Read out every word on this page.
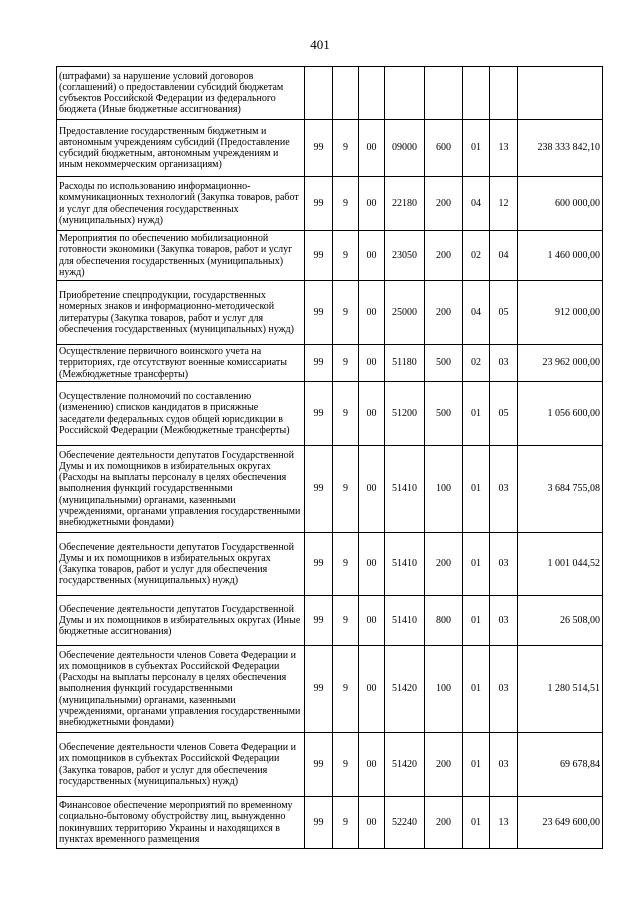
401
(штрафами) за нарушение условий договоров (соглашений) о предоставлении субсидий бюджетам субъектов Российской Федерации из федерального бюджета (Иные бюджетные ассигнования)								
Предоставление государственным бюджетным и автономным учреждениям субсидий (Предоставление субсидий бюджетным, автономным учреждениям и иным некоммерческим организациям)	99	9	00	09000	600	01	13	238 333 842,10
Расходы по использованию информационно-коммуникационных технологий (Закупка товаров, работ и услуг для обеспечения государственных (муниципальных) нужд)	99	9	00	22180	200	04	12	600 000,00
Мероприятия по обеспечению мобилизационной готовности экономики (Закупка товаров, работ и услуг для обеспечения государственных (муниципальных) нужд)	99	9	00	23050	200	02	04	1 460 000,00
Приобретение спецпродукции, государственных номерных знаков и информационно-методической литературы (Закупка товаров, работ и услуг для обеспечения государственных (муниципальных) нужд)	99	9	00	25000	200	04	05	912 000,00
Осуществление первичного воинского учета на территориях, где отсутствуют военные комиссариаты (Межбюджетные трансферты)	99	9	00	51180	500	02	03	23 962 000,00
Осуществление полномочий по составлению (изменению) списков кандидатов в присяжные заседатели федеральных судов общей юрисдикции в Российской Федерации (Межбюджетные трансферты)	99	9	00	51200	500	01	05	1 056 600,00
Обеспечение деятельности депутатов Государственной Думы и их помощников в избирательных округах (Расходы на выплаты персоналу в целях обеспечения выполнения функций государственными (муниципальными) органами, казенными учреждениями, органами управления государственными внебюджетными фондами)	99	9	00	51410	100	01	03	3 684 755,08
Обеспечение деятельности депутатов Государственной Думы и их помощников в избирательных округах (Закупка товаров, работ и услуг для обеспечения государственных (муниципальных) нужд)	99	9	00	51410	200	01	03	1 001 044,52
Обеспечение деятельности депутатов Государственной Думы и их помощников в избирательных округах (Иные бюджетные ассигнования)	99	9	00	51410	800	01	03	26 508,00
Обеспечение деятельности членов Совета Федерации и их помощников в субъектах Российской Федерации (Расходы на выплаты персоналу в целях обеспечения выполнения функций государственными (муниципальными) органами, казенными учреждениями, органами управления государственными внебюджетными фондами)	99	9	00	51420	100	01	03	1 280 514,51
Обеспечение деятельности членов Совета Федерации и их помощников в субъектах Российской Федерации (Закупка товаров, работ и услуг для обеспечения государственных (муниципальных) нужд)	99	9	00	51420	200	01	03	69 678,84
Финансовое обеспечение мероприятий по временному социально-бытовому обустройству лиц, вынужденно покинувших территорию Украины и находящихся в пунктах временного размещения	99	9	00	52240	200	01	13	23 649 600,00
